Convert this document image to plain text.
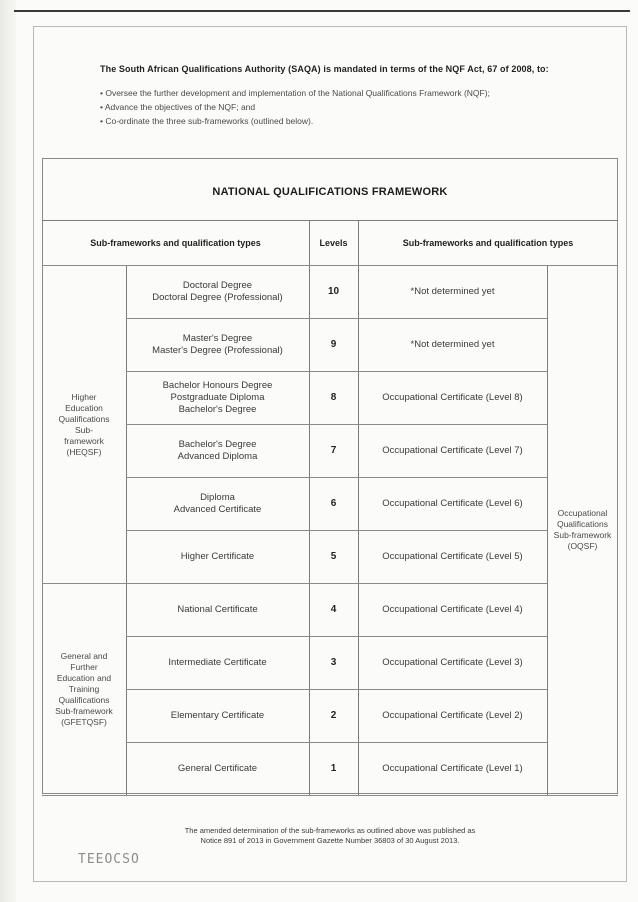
The South African Qualifications Authority (SAQA) is mandated in terms of the NQF Act, 67 of 2008, to:
• Oversee the further development and implementation of the National Qualifications Framework (NQF);
• Advance the objectives of the NQF; and
• Co-ordinate the three sub-frameworks (outlined below).
NATIONAL QUALIFICATIONS FRAMEWORK
Sub-frameworks and qualification types	Levels	Sub-frameworks and qualification types
Doctoral Degree
Doctoral Degree (Professional)
10	*Not determined yet
Master's Degree
Master's Degree (Professional)
9	*Not determined yet
Bachelor Honours Degree
Postgraduate Diploma
Bachelor's Degree
8	Occupational Certificate (Level 8)
Bachelor's Degree
Advanced Diploma
7	Occupational Certificate (Level 7)
Diploma
Advanced Certificate
6	Occupational Certificate (Level 6)
Higher Certificate	5	Occupational Certificate (Level 5)
National Certificate	4	Occupational Certificate (Level 4)
Intermediate Certificate	3	Occupational Certificate (Level 3)
Elementary Certificate	2	Occupational Certificate (Level 2)
General Certificate	1	Occupational Certificate (Level 1)
Higher
Education
Qualifications
Sub-
framework
(HEQSF)
General and
Further
Education and
Training
Qualifications
Sub-framework
(GFETQSF)
Occupational
Qualifications
Sub-framework
(OQSF)
The amended determination of the sub-frameworks as outlined above was published as
Notice 891 of 2013 in Government Gazette Number 36803 of 30 August 2013.
TEEOCSO
